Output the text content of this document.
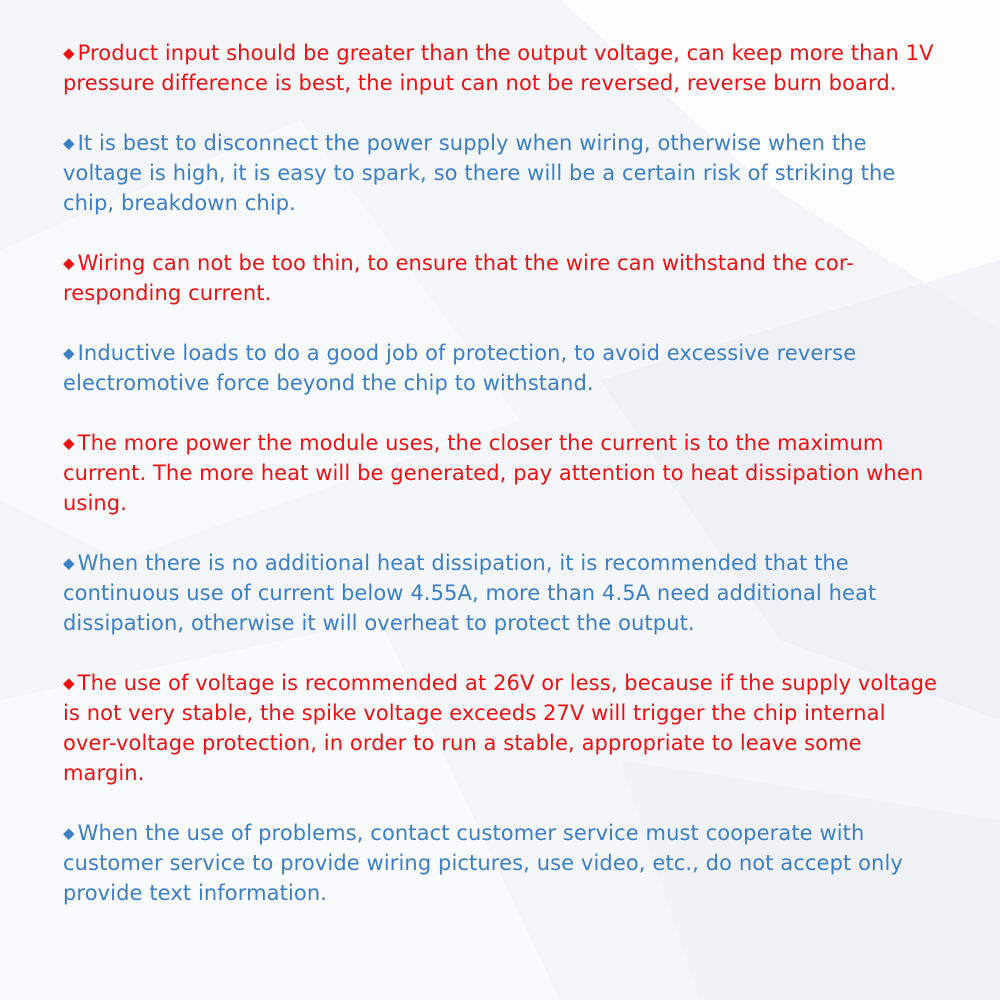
◆ Product input should be greater than the output voltage, can keep more than 1V pressure difference is best, the input can not be reversed, reverse burn board.
◆ It is best to disconnect the power supply when wiring, otherwise when the voltage is high, it is easy to spark, so there will be a certain risk of striking the chip, breakdown chip.
◆ Wiring can not be too thin, to ensure that the wire can withstand the cor-responding current.
◆ Inductive loads to do a good job of protection, to avoid excessive reverse electromotive force beyond the chip to withstand.
◆ The more power the module uses, the closer the current is to the maximum current. The more heat will be generated, pay attention to heat dissipation when using.
◆ When there is no additional heat dissipation, it is recommended that the continuous use of current below 4.55A, more than 4.5A need additional heat dissipation, otherwise it will overheat to protect the output.
◆ The use of voltage is recommended at 26V or less, because if the supply voltage is not very stable, the spike voltage exceeds 27V will trigger the chip internal over-voltage protection, in order to run a stable, appropriate to leave some margin.
◆ When the use of problems, contact customer service must cooperate with customer service to provide wiring pictures, use video, etc., do not accept only provide text information.
